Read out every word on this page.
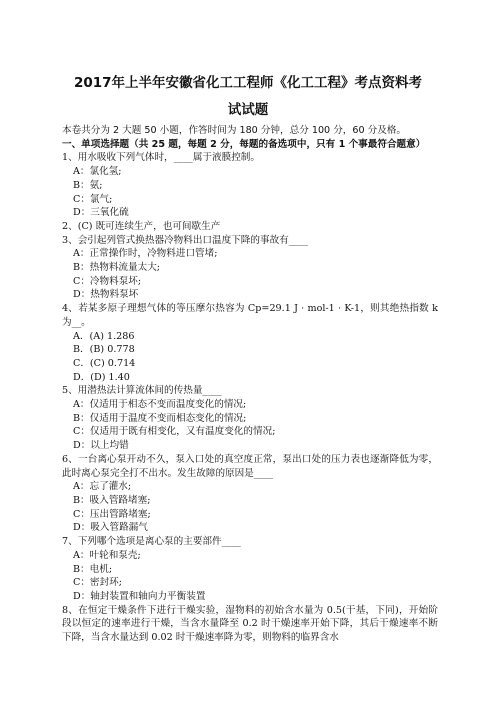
2017年上半年安徽省化工工程师《化工工程》考点资料考
试试题

本卷共分为 2 大题 50 小题，作答时间为 180 分钟，总分 100 分，60 分及格。

一、单项选择题（共 25 题，每题 2 分，每题的备选项中，只有 1 个事最符合题意）

1、用水吸收下列气体时，____属于液膜控制。

A：氯化氢;

B：氨;

C：氯气;

D：三氧化硫

2、(C) 既可连续生产，也可间歇生产

3、会引起列管式换热器冷物料出口温度下降的事故有____

A：正常操作时，冷物料进口管堵;

B：热物料流量太大;

C：冷物料泵坏;

D：热物料泵坏

4、若某多原子理想气体的等压摩尔热容为 Cp=29.1 J · mol-1 · K-1，则其绝热指数 k 为__。

A．(A) 1.286

B．(B) 0.778

C．(C) 0.714

D．(D) 1.40

5、用潜热法计算流体间的传热量____

A：仅适用于相态不变而温度变化的情况;

B：仅适用于温度不变而相态变化的情况;

C：仅适用于既有相变化，又有温度变化的情况;

D：以上均错

6、一台离心泵开动不久，泵入口处的真空度正常，泵出口处的压力表也逐渐降低为零，此时离心泵完全打不出水。发生故障的原因是____

A：忘了灌水;

B：吸入管路堵塞;

C：压出管路堵塞;

D：吸入管路漏气

7、下列哪个选项是离心泵的主要部件____

A：叶轮和泵壳;

B：电机;

C：密封环;

D：轴封装置和轴向力平衡装置

8、在恒定干燥条件下进行干燥实验，湿物料的初始含水量为 0.5(干基，下同)，开始阶段以恒定的速率进行干燥，当含水量降至 0.2 时干燥速率开始下降，其后干燥速率不断下降，当含水量达到 0.02 时干燥速率降为零，则物料的临界含水
